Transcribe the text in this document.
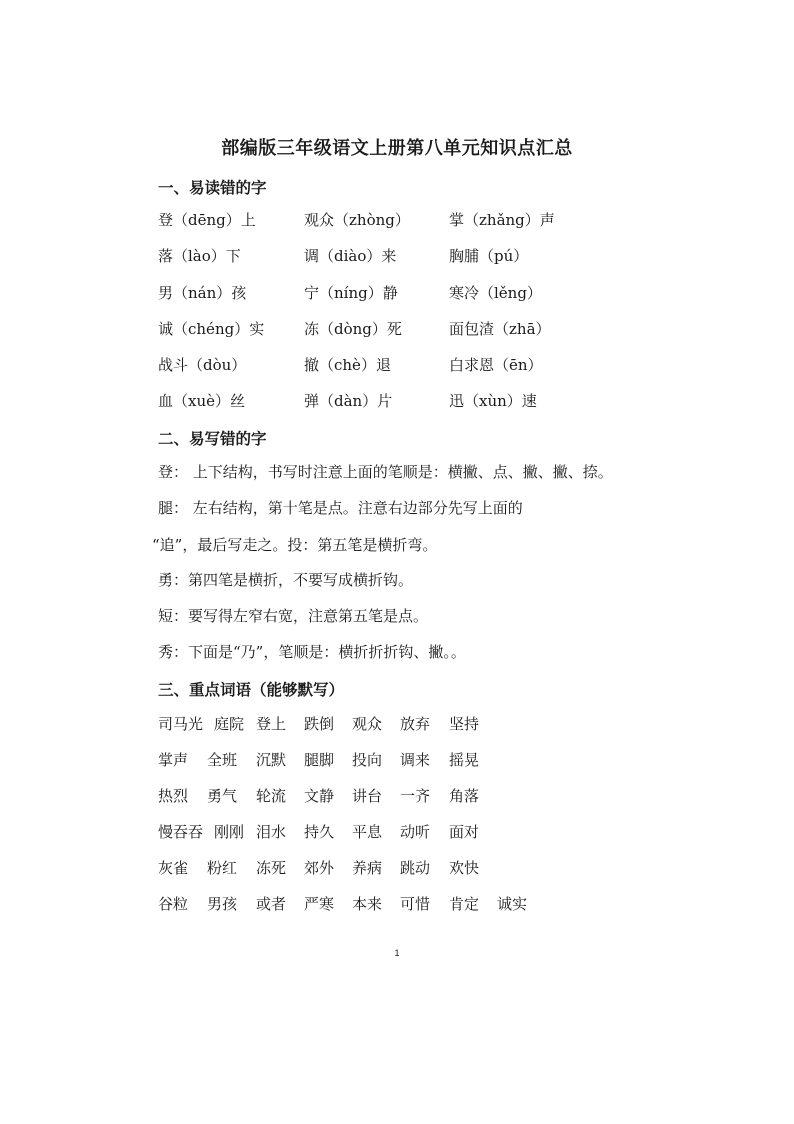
部编版三年级语文上册第八单元知识点汇总
一、易读错的字
登（dēng）上	观众（zhòng）	掌（zhǎng）声
落（lào）下	调（diào）来	胸脯（pú）
男（nán）孩	宁（níng）静	寒冷（lěng）
诚（chéng）实	冻（dòng）死	面包渣（zhā）
战斗（dòu）	撤（chè）退	白求恩（ēn）
血（xuè）丝	弹（dàn）片	迅（xùn）速
二、易写错的字
登： 上下结构，书写时注意上面的笔顺是：横撇、点、撇、撇、捺。
腿： 左右结构，第十笔是点。注意右边部分先写上面的
“追”，最后写走之。投：第五笔是横折弯。
勇：第四笔是横折，不要写成横折钩。
短：要写得左窄右宽，注意第五笔是点。
秀：下面是“乃”，笔顺是：横折折折钩、撇。。
三、重点词语（能够默写）
司马光 庭院 登上 跌倒 观众 放弃 坚持
掌声 全班 沉默 腿脚 投向 调来 摇晃
热烈 勇气 轮流 文静 讲台 一齐 角落
慢吞吞 刚刚 泪水 持久 平息 动听 面对
灰雀 粉红 冻死 郊外 养病 跳动 欢快
谷粒 男孩 或者 严寒 本来 可惜 肯定 诚实
1
